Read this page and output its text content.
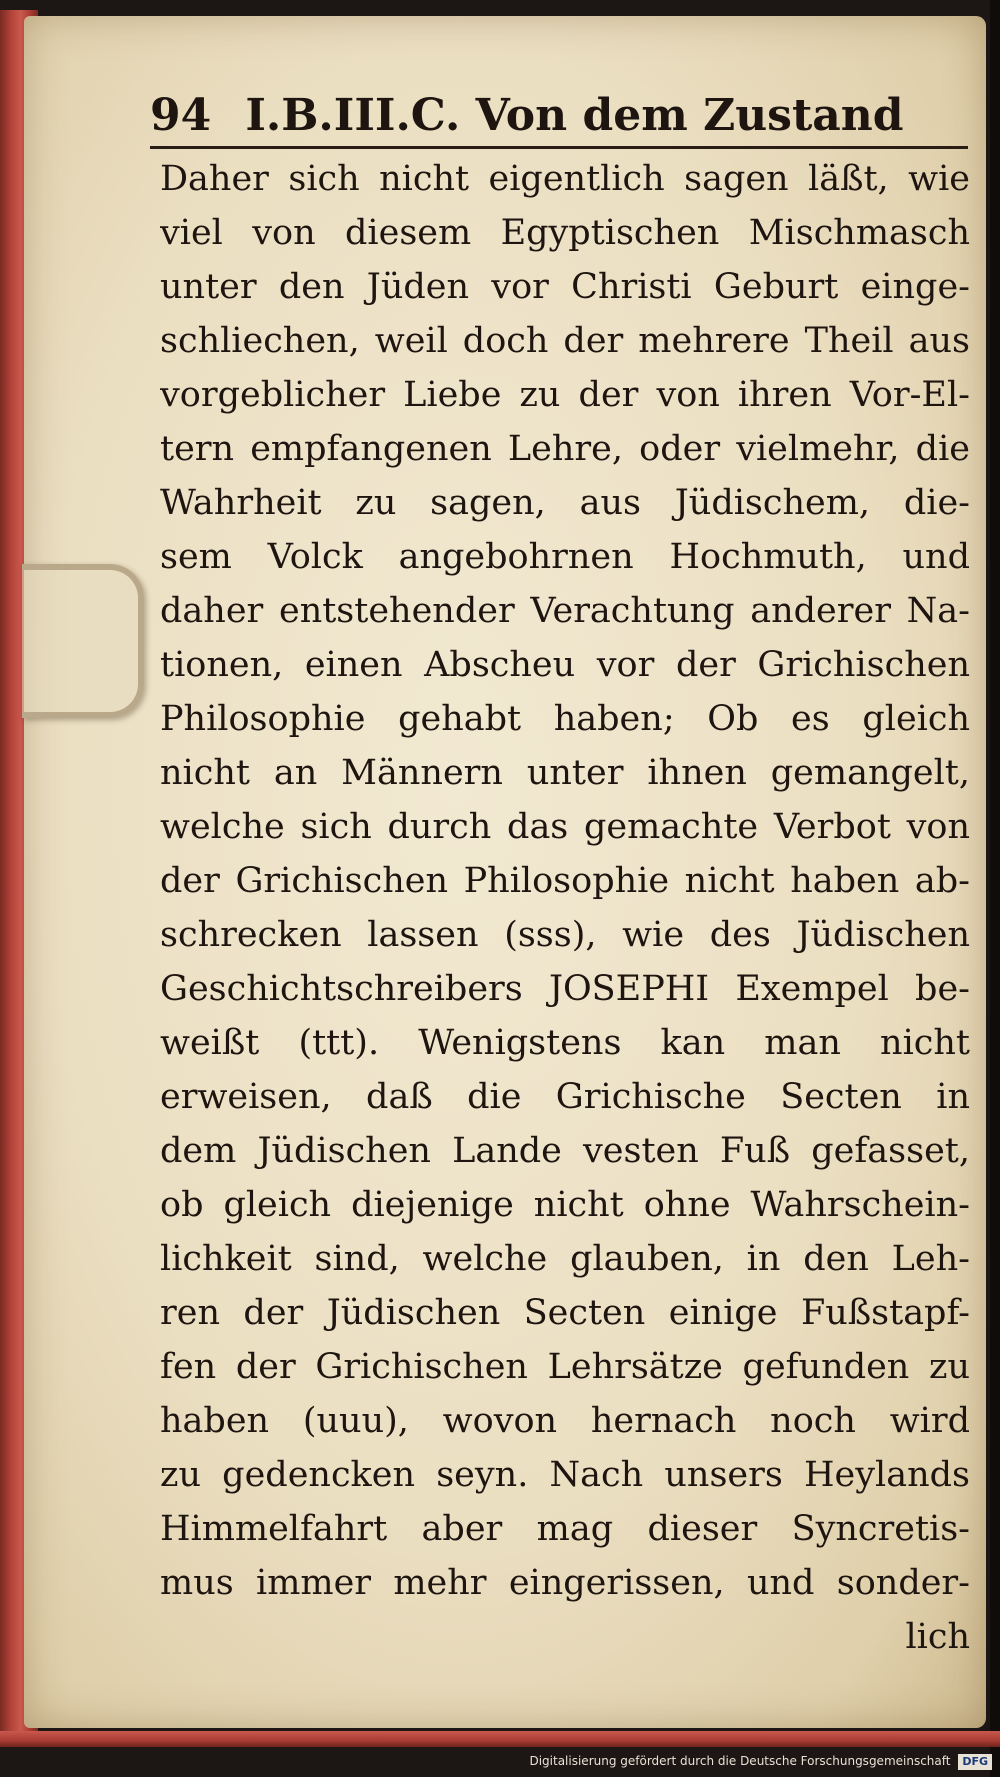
94 I.B.III.C. Von dem Zustand
Daher sich nicht eigentlich sagen läßt, wie
viel von diesem Egyptischen Mischmasch
unter den Jüden vor Christi Geburt einge-
schliechen, weil doch der mehrere Theil aus
vorgeblicher Liebe zu der von ihren Vor-El-
tern empfangenen Lehre, oder vielmehr, die
Wahrheit zu sagen, aus Jüdischem, die-
sem Volck angebohrnen Hochmuth, und
daher entstehender Verachtung anderer Na-
tionen, einen Abscheu vor der Grichischen
Philosophie gehabt haben; Ob es gleich
nicht an Männern unter ihnen gemangelt,
welche sich durch das gemachte Verbot von
der Grichischen Philosophie nicht haben ab-
schrecken lassen (sss), wie des Jüdischen
Geschichtschreibers JOSEPHI Exempel be-
weißt (ttt). Wenigstens kan man nicht
erweisen, daß die Grichische Secten in
dem Jüdischen Lande vesten Fuß gefasset,
ob gleich diejenige nicht ohne Wahrschein-
lichkeit sind, welche glauben, in den Leh-
ren der Jüdischen Secten einige Fußstapf-
fen der Grichischen Lehrsätze gefunden zu
haben (uuu), wovon hernach noch wird
zu gedencken seyn. Nach unsers Heylands
Himmelfahrt aber mag dieser Syncretis-
mus immer mehr eingerissen, und sonder-
lich
Digitalisierung gefördert durch die Deutsche Forschungsgemeinschaft DFG
